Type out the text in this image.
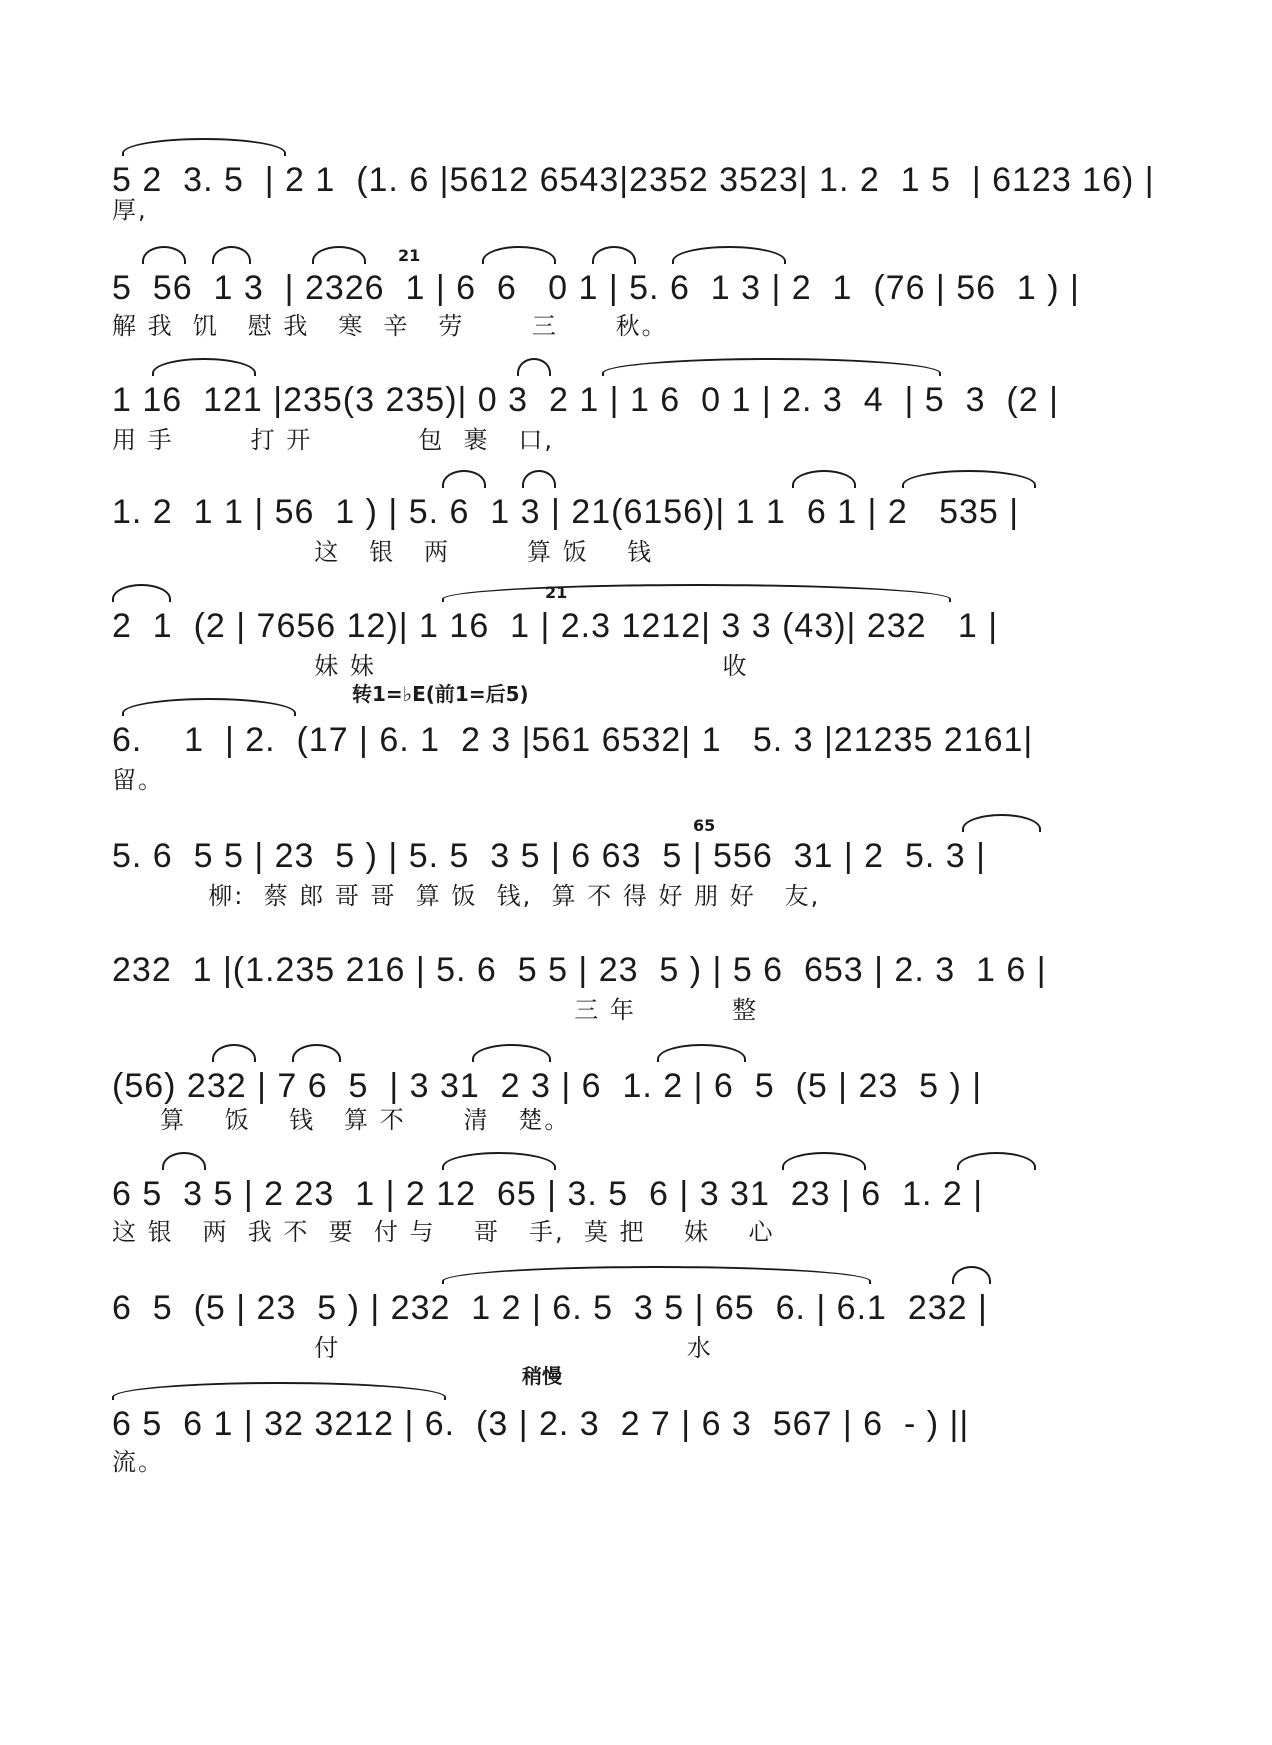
转1=♭E(前1=后5)
稍慢
21
21
65
5 2  3. 5  | 2 1  (1. 6 |5612 6543|2352 3523| 1. 2  1 5  | 6123 16) |
厚,
5  56  1 3  | 2326  1 | 6  6   0 1 | 5. 6  1 3 | 2  1  (76 | 56  1 ) |
解 我  饥   慰 我   寒  辛   劳       三      秋。
1 16  121 |235(3 235)| 0 3  2 1 | 1 6  0 1 | 2. 3  4  | 5  3  (2 |
用 手        打 开           包  裹   口,
1. 2  1 1 | 56  1 ) | 5. 6  1 3 | 21(6156)| 1 1  6 1 | 2   535 |
这   银   两        算 饭    钱
2  1  (2 | 7656 12)| 1 16  1 | 2.3 1212| 3 3 (43)| 232   1 |
妹 妹                                    收
6.    1  | 2.  (17 | 6. 1  2 3 |561 6532| 1   5. 3 |21235 2161|
留。
5. 6  5 5 | 23  5 ) | 5. 5  3 5 | 6 63  5 | 556  31 | 2  5. 3 |
柳:  蔡 郎 哥 哥  算 饭  钱,  算 不 得 好 朋 好   友,
232  1 |(1.235 216 | 5. 6  5 5 | 23  5 ) | 5 6  653 | 2. 3  1 6 |
三 年          整
(56) 232 | 7 6  5  | 3 31  2 3 | 6  1. 2 | 6  5  (5 | 23  5 ) |
算    饭    钱   算 不      清   楚。
6 5  3 5 | 2 23  1 | 2 12  65 | 3. 5  6 | 3 31  23 | 6  1. 2 |
这 银   两  我 不  要  付 与    哥   手,  莫 把    妹    心
6  5  (5 | 23  5 ) | 232  1 2 | 6. 5  3 5 | 65  6. | 6.1  232 |
付                                    水
6 5  6 1 | 32 3212 | 6.  (3 | 2. 3  2 7 | 6 3  567 | 6  - ) ||
流。
